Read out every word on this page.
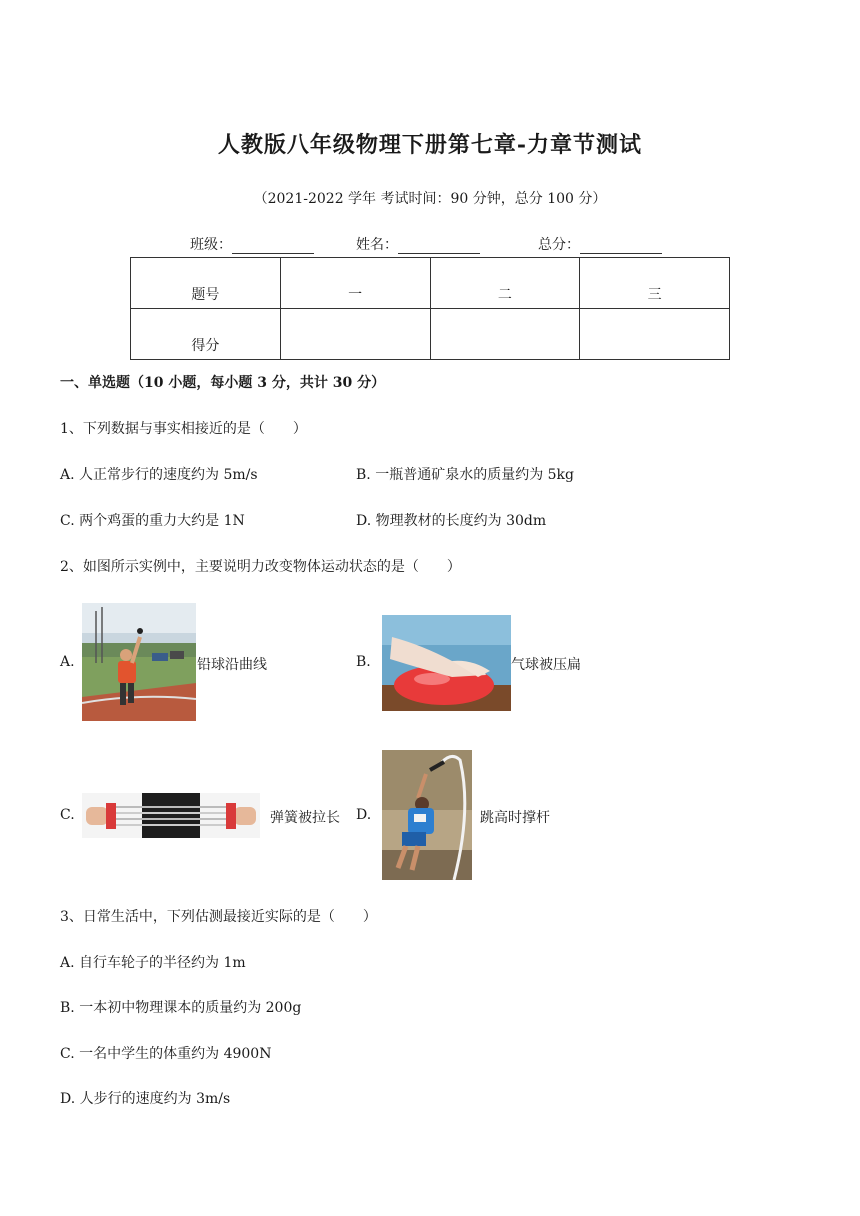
人教版八年级物理下册第七章-力章节测试
（2021-2022 学年 考试时间：90 分钟，总分 100 分）
班级：	姓名：	总分：
题号	一	二	三
得分			
一、单选题（10 小题，每小题 3 分，共计 30 分）
1、下列数据与事实相接近的是（　　）
A. 人正常步行的速度约为 5m/s	B. 一瓶普通矿泉水的质量约为 5kg
C. 两个鸡蛋的重力大约是 1N	D. 物理教材的长度约为 30dm
2、如图所示实例中，主要说明力改变物体运动状态的是（　　）
A.	铅球沿曲线	B.	气球被压扁
C.	弹簧被拉长 D.	跳高时撑杆
3、日常生活中，下列估测最接近实际的是（　　）
A. 自行车轮子的半径约为 1m
B. 一本初中物理课本的质量约为 200g
C. 一名中学生的体重约为 4900N
D. 人步行的速度约为 3m/s
